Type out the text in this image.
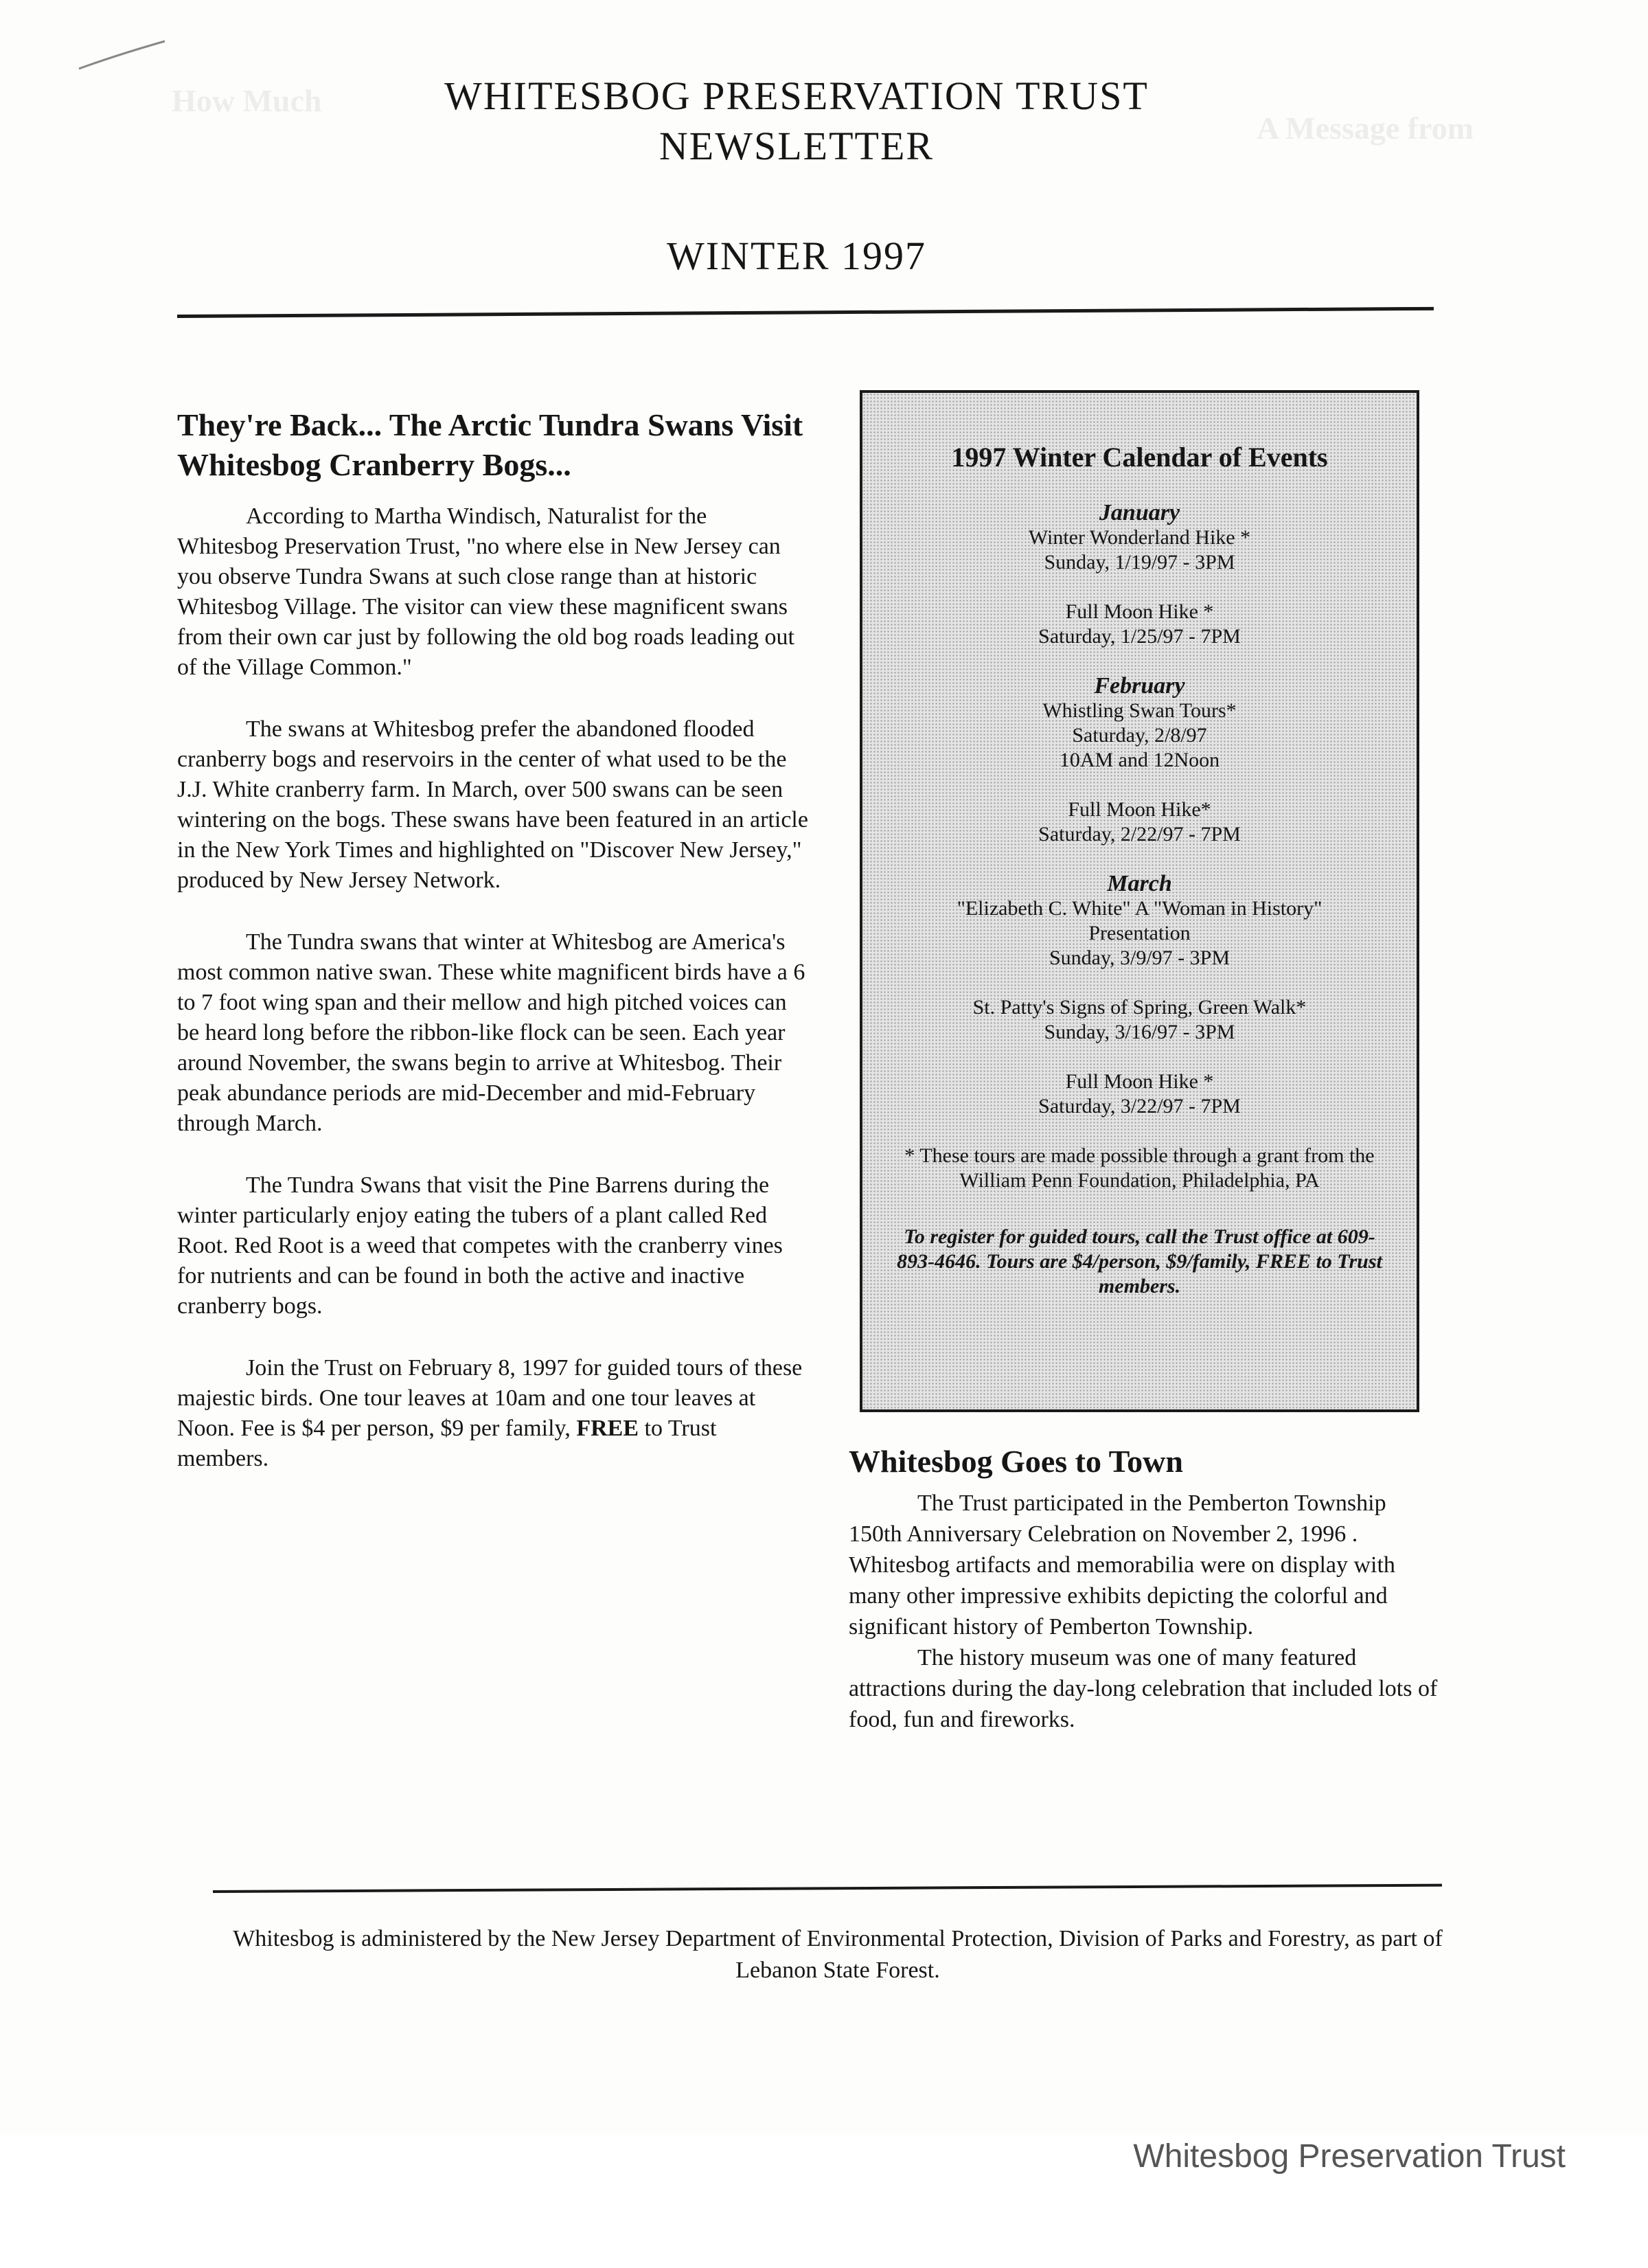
How Much
A Message from
WHITESBOG PRESERVATION TRUST
NEWSLETTER
WINTER 1997
They're Back... The Arctic Tundra Swans Visit Whitesbog Cranberry Bogs...

According to Martha Windisch, Naturalist for the Whitesbog Preservation Trust, "no where else in New Jersey can you observe Tundra Swans at such close range than at historic Whitesbog Village. The visitor can view these magnificent swans from their own car just by following the old bog roads leading out of the Village Common."

The swans at Whitesbog prefer the abandoned flooded cranberry bogs and reservoirs in the center of what used to be the J.J. White cranberry farm. In March, over 500 swans can be seen wintering on the bogs. These swans have been featured in an article in the New York Times and highlighted on "Discover New Jersey," produced by New Jersey Network.

The Tundra swans that winter at Whitesbog are America's most common native swan. These white magnificent birds have a 6 to 7 foot wing span and their mellow and high pitched voices can be heard long before the ribbon-like flock can be seen. Each year around November, the swans begin to arrive at Whitesbog. Their peak abundance periods are mid-December and mid-February through March.

The Tundra Swans that visit the Pine Barrens during the winter particularly enjoy eating the tubers of a plant called Red Root. Red Root is a weed that competes with the cranberry vines for nutrients and can be found in both the active and inactive cranberry bogs.

Join the Trust on February 8, 1997 for guided tours of these majestic birds. One tour leaves at 10am and one tour leaves at Noon. Fee is $4 per person, $9 per family, FREE to Trust members.

1997 Winter Calendar of Events
January
Winter Wonderland Hike *
Sunday, 1/19/97 - 3PM
Full Moon Hike *
Saturday, 1/25/97 - 7PM
February
Whistling Swan Tours*
Saturday, 2/8/97
10AM and 12Noon
Full Moon Hike*
Saturday, 2/22/97 - 7PM
March
"Elizabeth C. White" A "Woman in History"
Presentation
Sunday, 3/9/97 - 3PM
St. Patty's Signs of Spring, Green Walk*
Sunday, 3/16/97 - 3PM
Full Moon Hike *
Saturday, 3/22/97 - 7PM
* These tours are made possible through a grant from the William Penn Foundation, Philadelphia, PA
To register for guided tours, call the Trust office at 609-893-4646. Tours are $4/person, $9/family, FREE to Trust members.
Whitesbog Goes to Town

The Trust participated in the Pemberton Township 150th Anniversary Celebration on November 2, 1996 . Whitesbog artifacts and memorabilia were on display with many other impressive exhibits depicting the colorful and significant history of Pemberton Township.

The history museum was one of many featured attractions during the day-long celebration that included lots of food, fun and fireworks.

Whitesbog is administered by the New Jersey Department of Environmental Protection, Division of Parks and Forestry, as part of Lebanon State Forest.
Whitesbog Preservation Trust
